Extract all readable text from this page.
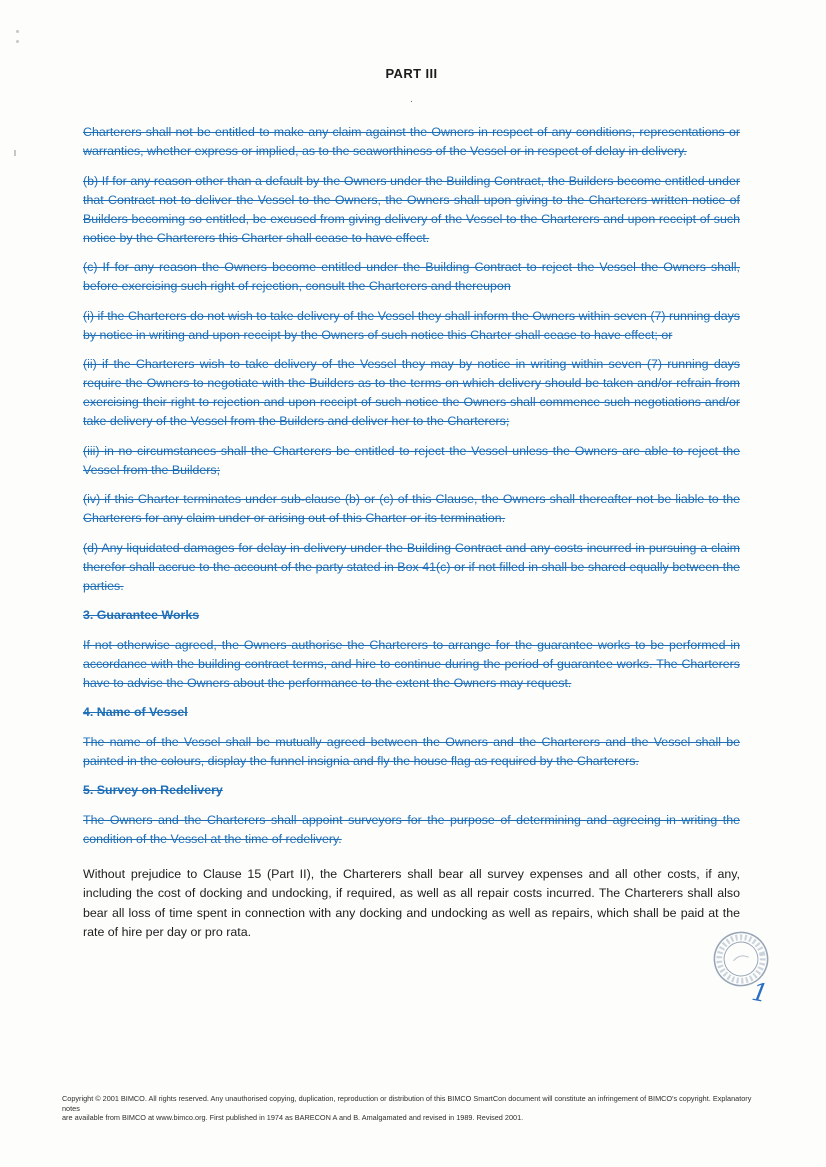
PART III

.

Charterers shall not be entitled to make any claim against the Owners in respect of any conditions, representations or warranties, whether express or implied, as to the seaworthiness of the Vessel or in respect of delay in delivery.

(b) If for any reason other than a default by the Owners under the Building Contract, the Builders become entitled under that Contract not to deliver the Vessel to the Owners, the Owners shall upon giving to the Charterers written notice of Builders becoming so entitled, be excused from giving delivery of the Vessel to the Charterers and upon receipt of such notice by the Charterers this Charter shall cease to have effect.

(c) If for any reason the Owners become entitled under the Building Contract to reject the Vessel the Owners shall, before exercising such right of rejection, consult the Charterers and thereupon

(i) if the Charterers do not wish to take delivery of the Vessel they shall inform the Owners within seven (7) running days by notice in writing and upon receipt by the Owners of such notice this Charter shall cease to have effect; or

(ii) if the Charterers wish to take delivery of the Vessel they may by notice in writing within seven (7) running days require the Owners to negotiate with the Builders as to the terms on which delivery should be taken and/or refrain from exercising their right to rejection and upon receipt of such notice the Owners shall commence such negotiations and/or take delivery of the Vessel from the Builders and deliver her to the Charterers;

(iii) in no circumstances shall the Charterers be entitled to reject the Vessel unless the Owners are able to reject the Vessel from the Builders;

(iv) if this Charter terminates under sub-clause (b) or (c) of this Clause, the Owners shall thereafter not be liable to the Charterers for any claim under or arising out of this Charter or its termination.

(d) Any liquidated damages for delay in delivery under the Building Contract and any costs incurred in pursuing a claim therefor shall accrue to the account of the party stated in Box 41(c) or if not filled in shall be shared equally between the parties.

3. Guarantee Works

If not otherwise agreed, the Owners authorise the Charterers to arrange for the guarantee works to be performed in accordance with the building contract terms, and hire to continue during the period of guarantee works. The Charterers have to advise the Owners about the performance to the extent the Owners may request.

4. Name of Vessel

The name of the Vessel shall be mutually agreed between the Owners and the Charterers and the Vessel shall be painted in the colours, display the funnel insignia and fly the house flag as required by the Charterers.

5. Survey on Redelivery

The Owners and the Charterers shall appoint surveyors for the purpose of determining and agreeing in writing the condition of the Vessel at the time of redelivery.

Without prejudice to Clause 15 (Part II), the Charterers shall bear all survey expenses and all other costs, if any, including the cost of docking and undocking, if required, as well as all repair costs incurred. The Charterers shall also bear all loss of time spent in connection with any docking and undocking as well as repairs, which shall be paid at the rate of hire per day or pro rata.

1
Copyright © 2001 BIMCO. All rights reserved. Any unauthorised copying, duplication, reproduction or distribution of this BIMCO SmartCon document will constitute an infringement of BIMCO's copyright. Explanatory notes
are available from BIMCO at www.bimco.org. First published in 1974 as BARECON A and B. Amalgamated and revised in 1989. Revised 2001.
